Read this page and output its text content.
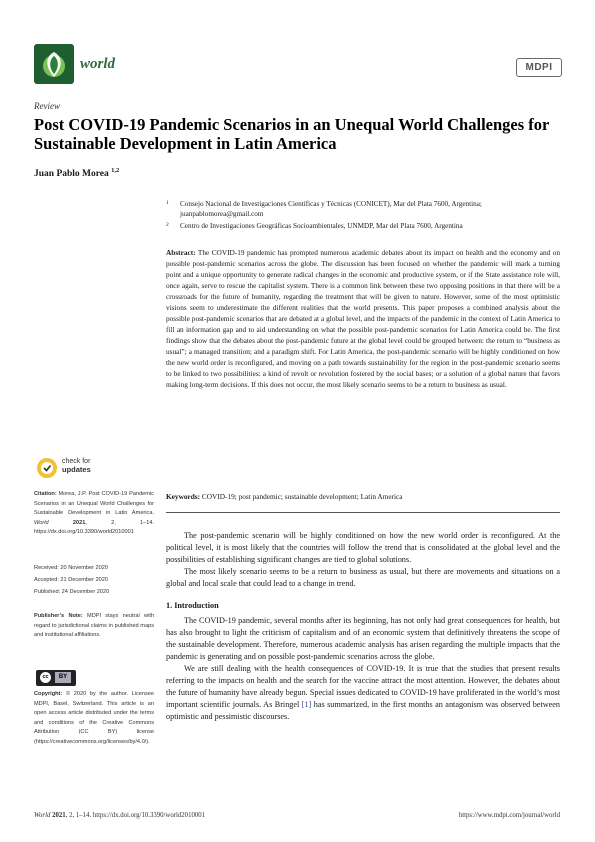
world	MDPI
Review
Post COVID-19 Pandemic Scenarios in an Unequal World Challenges for Sustainable Development in Latin America
Juan Pablo Morea $^{1,2}$
1 Consejo Nacional de Investigaciones Científicas y Técnicas (CONICET), Mar del Plata 7600, Argentina; juanpablomorea@gmail.com
2 Centro de Investigaciones Geográficas Socioambientales, UNMDP, Mar del Plata 7600, Argentina
Abstract: The COVID-19 pandemic has prompted numerous academic debates about its impact on health and the economy and on possible post-pandemic scenarios across the globe. The discussion has been focused on whether the pandemic will mark a turning point and a unique opportunity to generate radical changes in the economic and productive system, or if the State assistance role will, once again, serve to rescue the capitalist system. There is a common link between these two opposing positions in that there will be a crossroads for the future of humanity, regarding the treatment that will be given to nature. However, some of the most optimistic visions seem to underestimate the different realities that the world presents. This paper proposes a combined analysis about the possible post-pandemic scenarios that are debated at a global level, and the impacts of the pandemic in the context of Latin America to fill an information gap and to aid understanding on what the possible post-pandemic scenarios for Latin America could be. The first findings show that the debates about the post-pandemic future at the global level could be grouped between: the return to “business as usual”; a managed transition; and a paradigm shift. For Latin America, the post-pandemic scenario will be highly conditioned on how the new world order is reconfigured, and moving on a path towards sustainability for the region in the post-pandemic scenario seems to be linked to two possibilities: a kind of revolt or revolution fostered by the social bases; or a solution of a global nature that favors making long-term decisions. If this does not occur, the most likely scenario seems to be a return to business as usual.
Keywords: COVID-19; post pandemic; sustainable development; Latin America

The post-pandemic scenario will be highly conditioned on how the new world order is reconfigured. At the political level, it is most likely that the countries will follow the trend that is consolidated at the global level and the possibilities of establishing significant changes are tied to global solutions.

The most likely scenario seems to be a return to business as usual, but there are movements and situations on a global and local scale that could lead to a change in trend.

1. Introduction

The COVID-19 pandemic, several months after its beginning, has not only had great consequences for health, but has also brought to light the criticism of capitalism and of an economic system that definitively threatens the scope of the sustainable development. Therefore, numerous academic analysis has arisen regarding the multiple impacts that the pandemic is generating and on possible post-pandemic scenarios across the globe.

We are still dealing with the health consequences of COVID-19. It is true that the studies that present results referring to the impacts on health and the search for the vaccine attract the most attention. However, the debates about the future of humanity have already begun. Special issues dedicated to COVID-19 have proliferated in the world’s most important scientific journals. As Bringel [1] has summarized, in the first months an antagonism was observed between optimistic and pessimistic discourses.

check for
updates
Citation: Morea, J.P. Post COVID-19 Pandemic Scenarios in an Unequal World Challenges for Sustainable Development in Latin America. World	2021, 2, 1–14. https://dx.doi.org/10.3390/world2010001
Received: 20 November 2020
Accepted: 21 December 2020
Published: 24 December 2020
Publisher’s Note: MDPI stays neutral with regard to jurisdictional claims in published maps and institutional affiliations.
cc	BY
Copyright: © 2020 by the author. Licensee MDPI, Basel, Switzerland. This article is an open access article distributed under the terms and conditions of the Creative Commons Attribution (CC BY) license (https://creativecommons.org/licenses/by/4.0/).
World 2021, 2, 1–14. https://dx.doi.org/10.3390/world2010001	https://www.mdpi.com/journal/world
